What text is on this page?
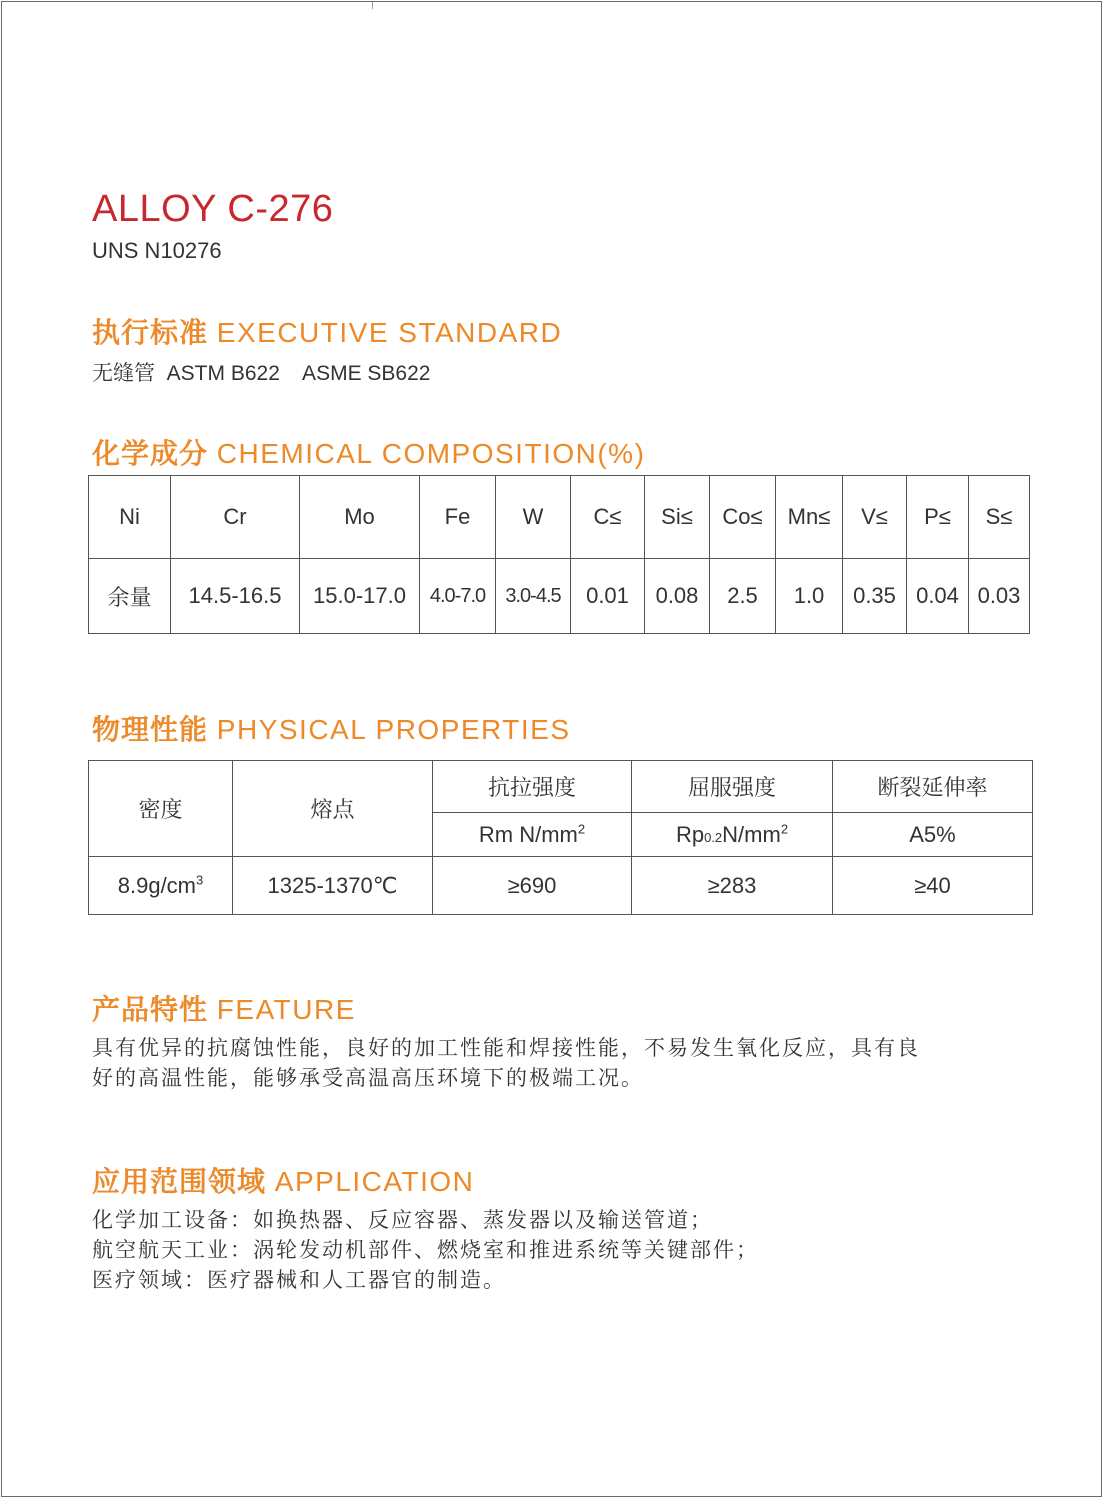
ALLOY C-276
UNS N10276
执行标准 EXECUTIVE STANDARD
无缝管  ASTM B622    ASME SB622
化学成分 CHEMICAL COMPOSITION(%)
Ni	Cr	Mo	Fe	W	C≤	Si≤	Co≤	Mn≤	V≤	P≤	S≤
余量	14.5-16.5	15.0-17.0	4.0-7.0	3.0-4.5	0.01	0.08	2.5	1.0	0.35	0.04	0.03
物理性能 PHYSICAL PROPERTIES
密度	熔点	抗拉强度	屈服强度	断裂延伸率
		Rm $N/mm^2$	$Rp0.2N/mm^2$	A5%
$8.9g/cm^3$	1325-1370℃	≥690	≥283	≥40
产品特性 FEATURE
具有优异的抗腐蚀性能，良好的加工性能和焊接性能，不易发生氧化反应，具有良
好的高温性能，能够承受高温高压环境下的极端工况。
应用范围领域 APPLICATION
化学加工设备：如换热器、反应容器、蒸发器以及输送管道；
航空航天工业：涡轮发动机部件、燃烧室和推进系统等关键部件；
医疗领域：医疗器械和人工器官的制造。
